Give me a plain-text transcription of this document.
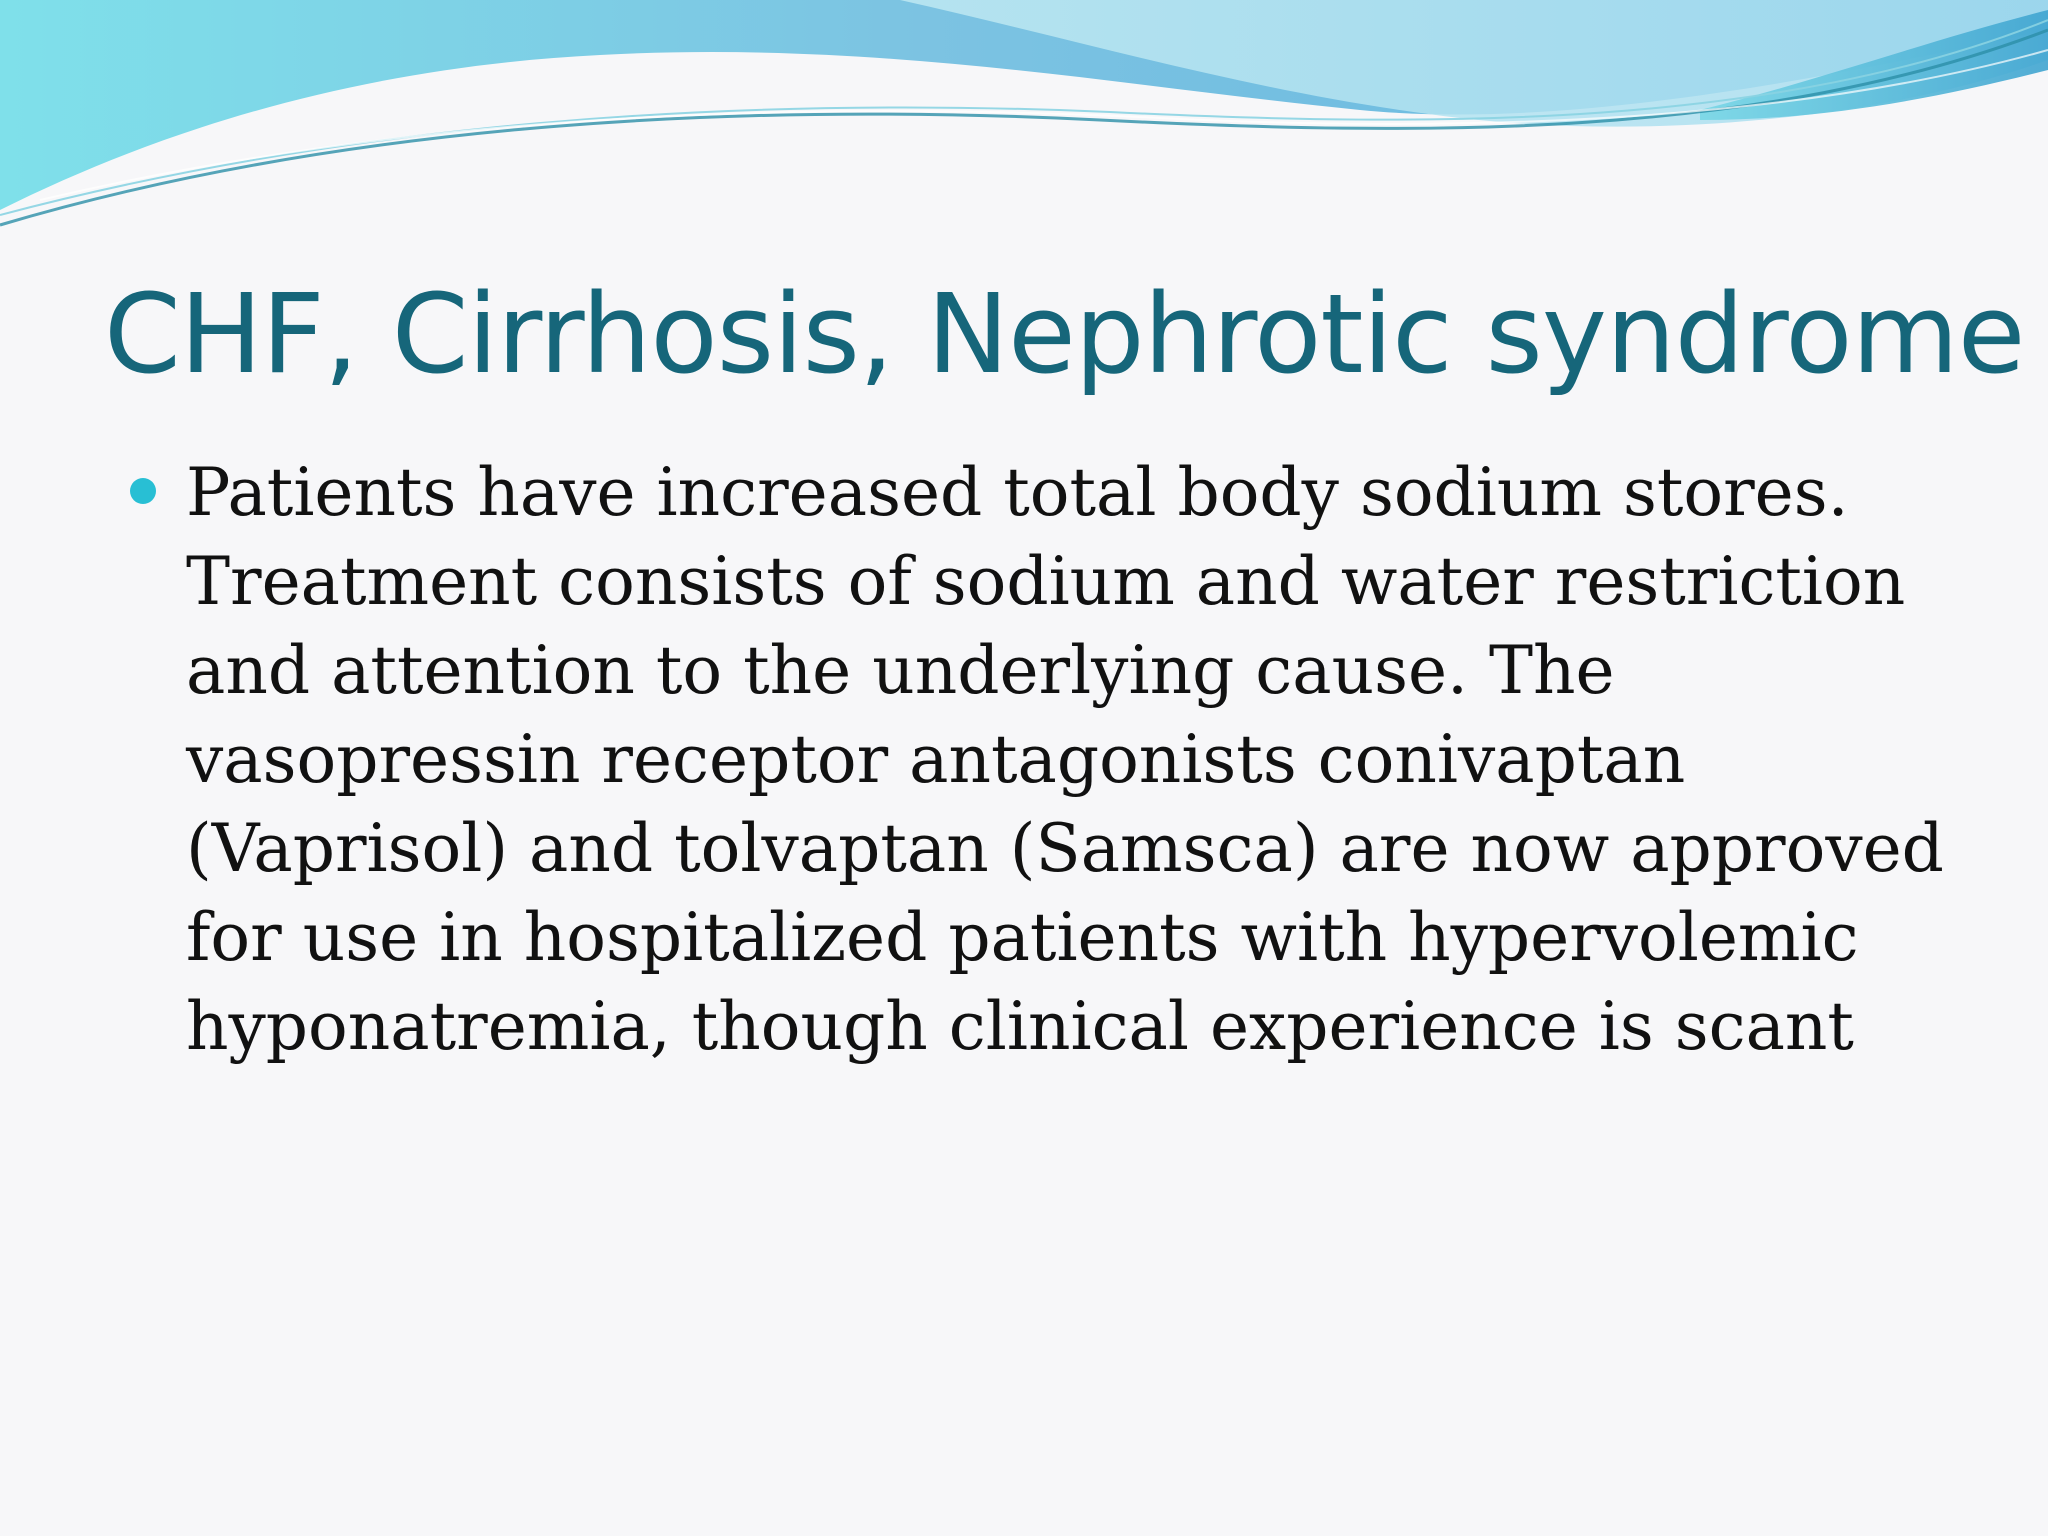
CHF, Cirrhosis, Nephrotic syndrome
Patients have increased total body sodium stores. Treatment consists of sodium and water restriction and attention to the underlying cause. The vasopressin receptor antagonists conivaptan (Vaprisol) and tolvaptan (Samsca) are now approved for use in hospitalized patients with hypervolemic hyponatremia, though clinical experience is scant
